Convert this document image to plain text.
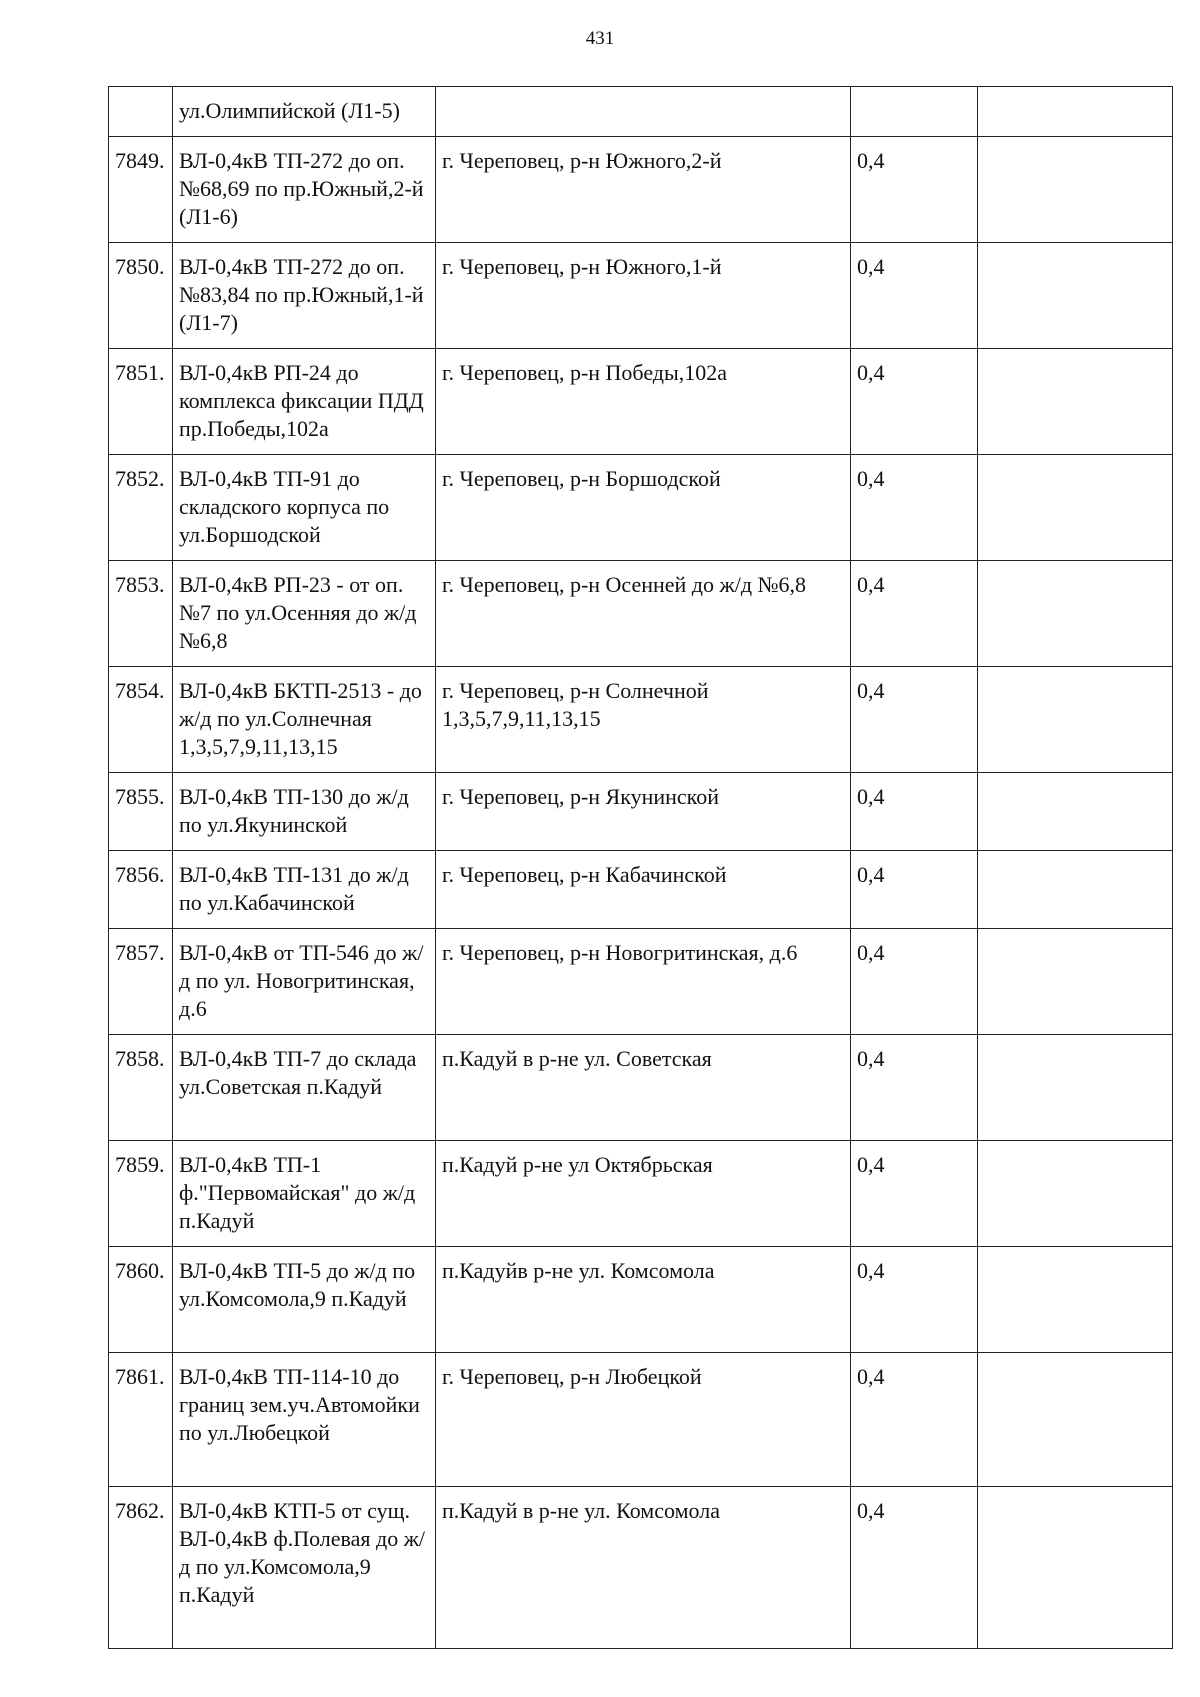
431
	ул.Олимпийской (Л1-5)			
7849.	ВЛ-0,4кВ ТП-272 до оп.№68,69 по пр.Южный,2-й (Л1-6)	г. Череповец, р-н Южного,2-й	0,4	
7850.	ВЛ-0,4кВ ТП-272 до оп.№83,84 по пр.Южный,1-й (Л1-7)	г. Череповец, р-н Южного,1-й	0,4	
7851.	ВЛ-0,4кВ РП-24 до комплекса фиксации ПДД пр.Победы,102а	г. Череповец, р-н Победы,102а	0,4	
7852.	ВЛ-0,4кВ ТП-91 до складского корпуса по ул.Боршодской	г. Череповец, р-н Боршодской	0,4	
7853.	ВЛ-0,4кВ РП-23 - от оп.№7 по ул.Осенняя до ж/д №6,8	г. Череповец, р-н Осенней до ж/д №6,8	0,4	
7854.	ВЛ-0,4кВ БКТП-2513 - до ж/д по ул.Солнечная 1,3,5,7,9,11,13,15	г. Череповец, р-н Солнечной 1,3,5,7,9,11,13,15	0,4	
7855.	ВЛ-0,4кВ ТП-130 до ж/д по ул.Якунинской	г. Череповец, р-н Якунинской	0,4	
7856.	ВЛ-0,4кВ ТП-131 до ж/д по ул.Кабачинской	г. Череповец, р-н Кабачинской	0,4	
7857.	ВЛ-0,4кВ от ТП-546 до ж/д по ул. Новогритинская, д.6	г. Череповец, р-н Новогритинская, д.6	0,4	
7858.	ВЛ-0,4кВ ТП-7 до склада ул.Советская п.Кадуй	п.Кадуй в р-не ул. Советская	0,4	
7859.	ВЛ-0,4кВ ТП-1 ф."Первомайская" до ж/д п.Кадуй	п.Кадуй р-не ул Октябрьская	0,4	
7860.	ВЛ-0,4кВ ТП-5 до ж/д по ул.Комсомола,9 п.Кадуй	п.Кадуйв р-не ул. Комсомола	0,4	
7861.	ВЛ-0,4кВ ТП-114-10 до границ зем.уч.Автомойки по ул.Любецкой	г. Череповец, р-н Любецкой	0,4	
7862.	ВЛ-0,4кВ КТП-5 от сущ. ВЛ-0,4кВ ф.Полевая до ж/д по ул.Комсомола,9 п.Кадуй	п.Кадуй в р-не ул. Комсомола	0,4	
